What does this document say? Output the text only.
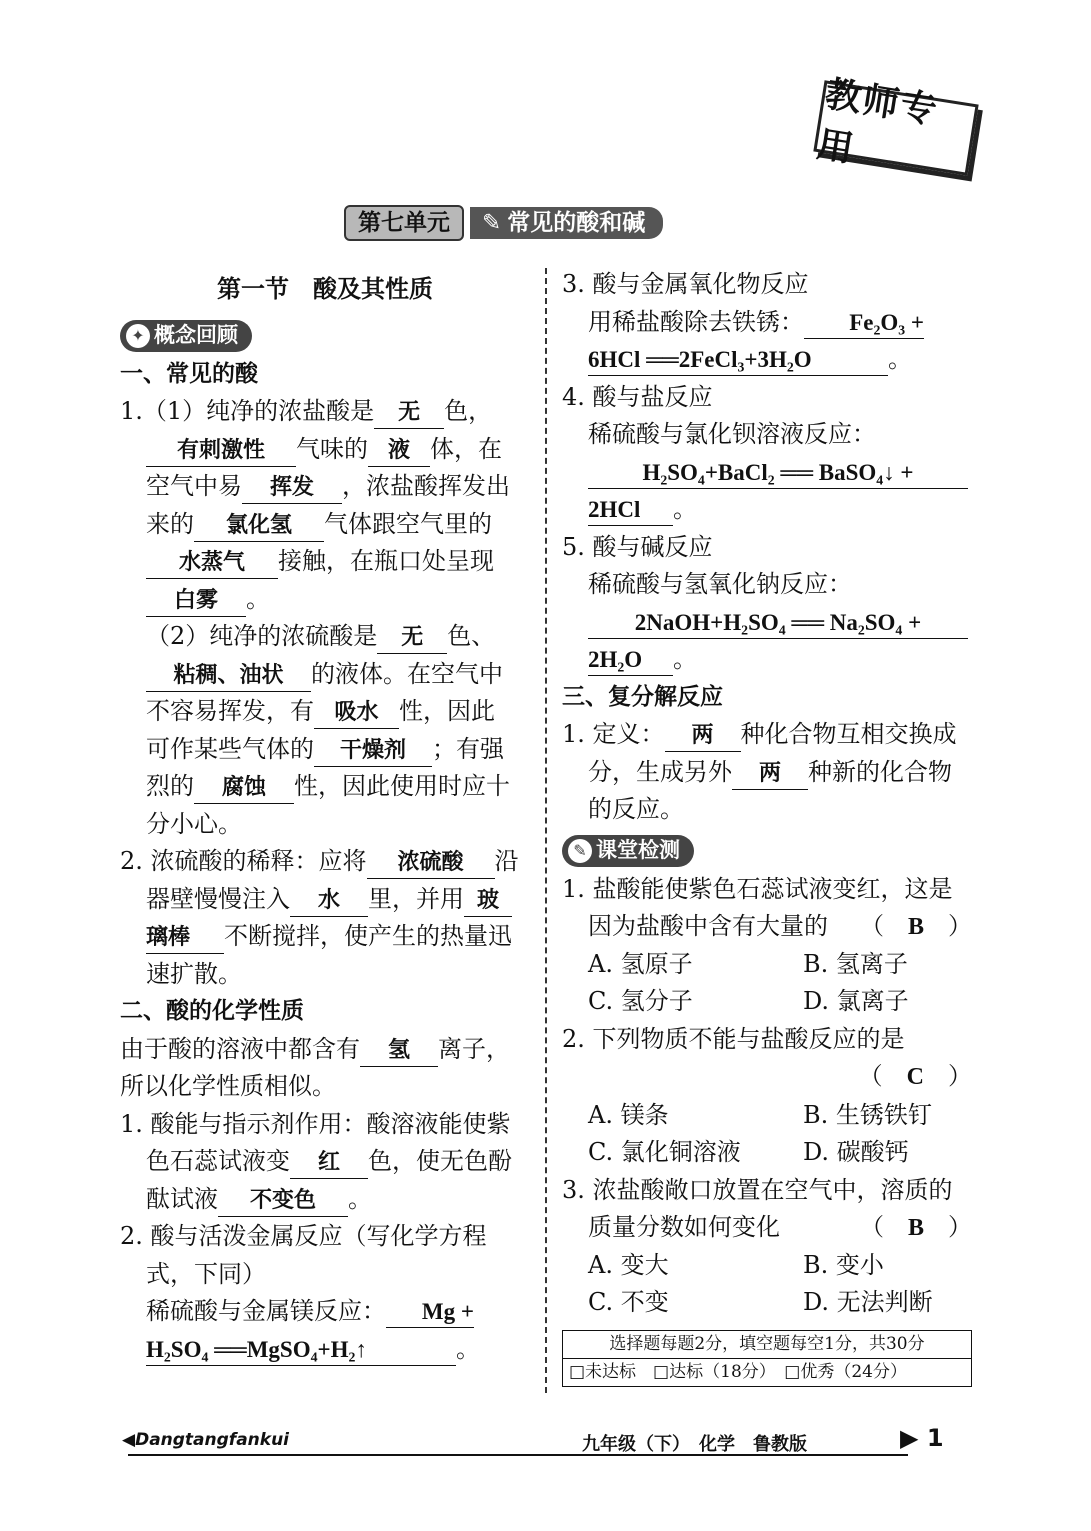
教师专用
第七单元	✎ 常见的酸和碱

第一节　酸及其性质

✦ 概念回顾

一、常见的酸

1.（1）纯净的浓盐酸是 无 色，

有刺激性 气味的 液 体，在

空气中易 挥发 ，浓盐酸挥发出

来的 氯化氢 气体跟空气里的

水蒸气 接触，在瓶口处呈现

白雾 。

（2）纯净的浓硫酸是 无 色、

粘稠、油状 的液体。在空气中

不容易挥发，有 吸水 性，因此

可作某些气体的 干燥剂 ；有强

烈的 腐蚀 性，因此使用时应十

分小心。

2. 浓硫酸的稀释：应将 浓硫酸 沿

器壁慢慢注入 水 里，并用 玻

璃棒 不断搅拌，使产生的热量迅

速扩散。

二、酸的化学性质

由于酸的溶液中都含有 氢 离子，

所以化学性质相似。

1. 酸能与指示剂作用：酸溶液能使紫

色石蕊试液变 红 色，使无色酚

酞试液 不变色 。

2. 酸与活泼金属反应（写化学方程

式，下同）

稀硫酸与金属镁反应： Mg +

H₂SO₄ ══MgSO₄+H₂↑	。

3. 酸与金属氧化物反应

用稀盐酸除去铁锈： Fe₂O₃ +

6HCl ══2FeCl₃+3H₂O	。

4. 酸与盐反应

稀硫酸与氯化钡溶液反应：

H₂SO₄+BaCl₂ ══ BaSO₄↓ +

2HCl 。

5. 酸与碱反应

稀硫酸与氢氧化钠反应：

2NaOH+H₂SO₄ ══ Na₂SO₄ +

2H₂O 。

三、复分解反应

1. 定义： 两 种化合物互相交换成

分，生成另外 两 种新的化合物

的反应。

✎ 课堂检测

1. 盐酸能使紫色石蕊试液变红，这是

因为盐酸中含有大量的 （　B　）

A. 氢原子	B. 氢离子
C. 氢分子	D. 氯离子

2. 下列物质不能与盐酸反应的是

（　C　）

A. 镁条	B. 生锈铁钉
C. 氯化铜溶液	D. 碳酸钙

3. 浓盐酸敞口放置在空气中，溶质的

质量分数如何变化	（　B　）

A. 变大	B. 变小
C. 不变	D. 无法判断
选择题每题2分，填空题每空1分，共30分
□未达标　□达标（18分）　□优秀（24分）
◀Dangtangfankui	九年级（下）　化学　鲁教版	▶ 1
